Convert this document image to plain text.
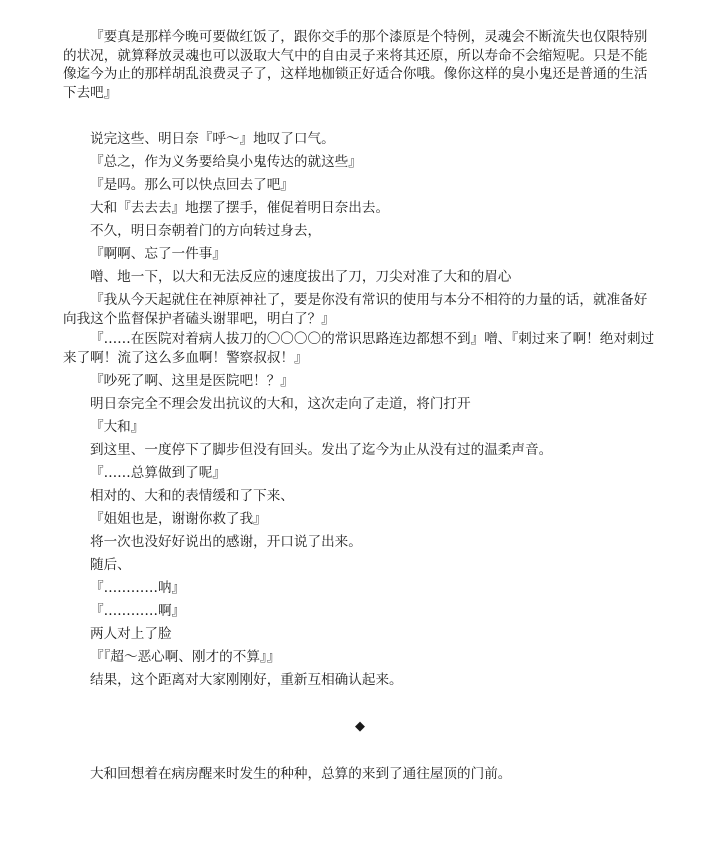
『要真是那样今晚可要做红饭了，跟你交手的那个漆原是个特例，灵魂会不断流失也仅限特别的状况，就算释放灵魂也可以汲取大气中的自由灵子来将其还原，所以寿命不会缩短呢。只是不能像迄今为止的那样胡乱浪费灵子了，这样地枷锁正好适合你哦。像你这样的臭小鬼还是普通的生活下去吧』

说完这些、明日奈『呼～』地叹了口气。

『总之，作为义务要给臭小鬼传达的就这些』

『是吗。那么可以快点回去了吧』

大和『去去去』地摆了摆手，催促着明日奈出去。

不久，明日奈朝着门的方向转过身去，

『啊啊、忘了一件事』

噌、地一下，以大和无法反应的速度拔出了刀，刀尖对准了大和的眉心

『我从今天起就住在神原神社了，要是你没有常识的使用与本分不相符的力量的话，就准备好向我这个监督保护者磕头谢罪吧，明白了？』

『……在医院对着病人拔刀的〇〇〇〇的常识思路连边都想不到』噌、『刺过来了啊！绝对刺过来了啊！流了这么多血啊！警察叔叔！』

『吵死了啊、这里是医院吧！？』

明日奈完全不理会发出抗议的大和，这次走向了走道，将门打开

『大和』

到这里、一度停下了脚步但没有回头。发出了迄今为止从没有过的温柔声音。

『……总算做到了呢』

相对的、大和的表情缓和了下来、

『姐姐也是，谢谢你救了我』

将一次也没好好说出的感谢，开口说了出来。

随后、

『…………呐』

『…………啊』

两人对上了脸

『『超～恶心啊、刚才的不算』』

结果，这个距离对大家刚刚好，重新互相确认起来。

◆

大和回想着在病房醒来时发生的种种，总算的来到了通往屋顶的门前。
